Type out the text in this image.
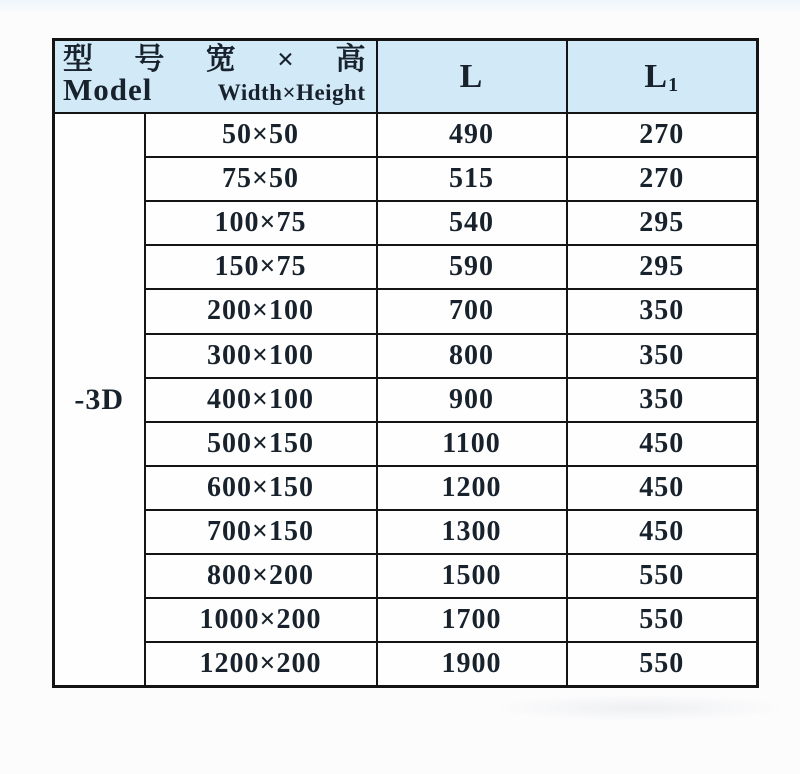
型 号 宽 × 高
Model	Width×Height	L	$L_1$
-3D	50×50	490	270
	75×50	515	270
	100×75	540	295
	150×75	590	295
	200×100	700	350
	300×100	800	350
	400×100	900	350
	500×150	1100	450
	600×150	1200	450
	700×150	1300	450
	800×200	1500	550
	1000×200	1700	550
	1200×200	1900	550
